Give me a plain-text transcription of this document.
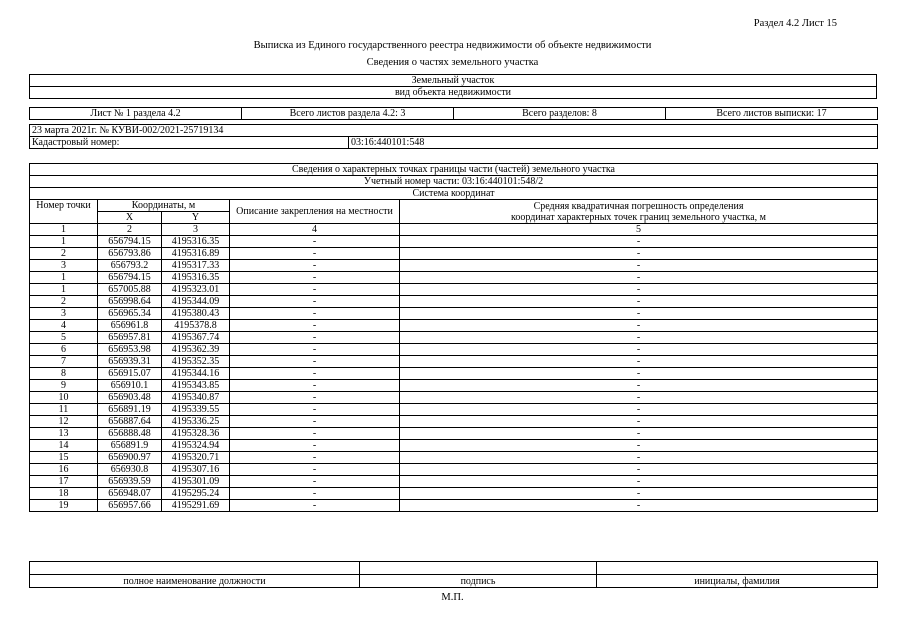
Раздел 4.2 Лист 15
Выписка из Единого государственного реестра недвижимости об объекте недвижимости
Сведения о частях земельного участка
Земельный участок
вид объекта недвижимости
Лист № 1 раздела 4.2	Всего листов раздела 4.2: 3	Всего разделов: 8	Всего листов выписки: 17
23 марта 2021г. № КУВИ-002/2021-25719134
Кадастровый номер:	03:16:440101:548
Сведения о характерных точках границы части (частей) земельного участка				
Учетный номер части: 03:16:440101:548/2				
Система координат				
Номер точки	Координаты, м		Описание закрепления на местности	Средняя квадратичная погрешность определения
координат характерных точек границ земельного участка, м

	X	Y		
1	2	3	4	5
1	656794.15	4195316.35	-	-
2	656793.86	4195316.89	-	-
3	656793.2	4195317.33	-	-
1	656794.15	4195316.35	-	-
1	657005.88	4195323.01	-	-
2	656998.64	4195344.09	-	-
3	656965.34	4195380.43	-	-
4	656961.8	4195378.8	-	-
5	656957.81	4195367.74	-	-
6	656953.98	4195362.39	-	-
7	656939.31	4195352.35	-	-
8	656915.07	4195344.16	-	-
9	656910.1	4195343.85	-	-
10	656903.48	4195340.87	-	-
11	656891.19	4195339.55	-	-
12	656887.64	4195336.25	-	-
13	656888.48	4195328.36	-	-
14	656891.9	4195324.94	-	-
15	656900.97	4195320.71	-	-
16	656930.8	4195307.16	-	-
17	656939.59	4195301.09	-	-
18	656948.07	4195295.24	-	-
19	656957.66	4195291.69	-	-

полное наименование должности	подпись	инициалы, фамилия
М.П.
